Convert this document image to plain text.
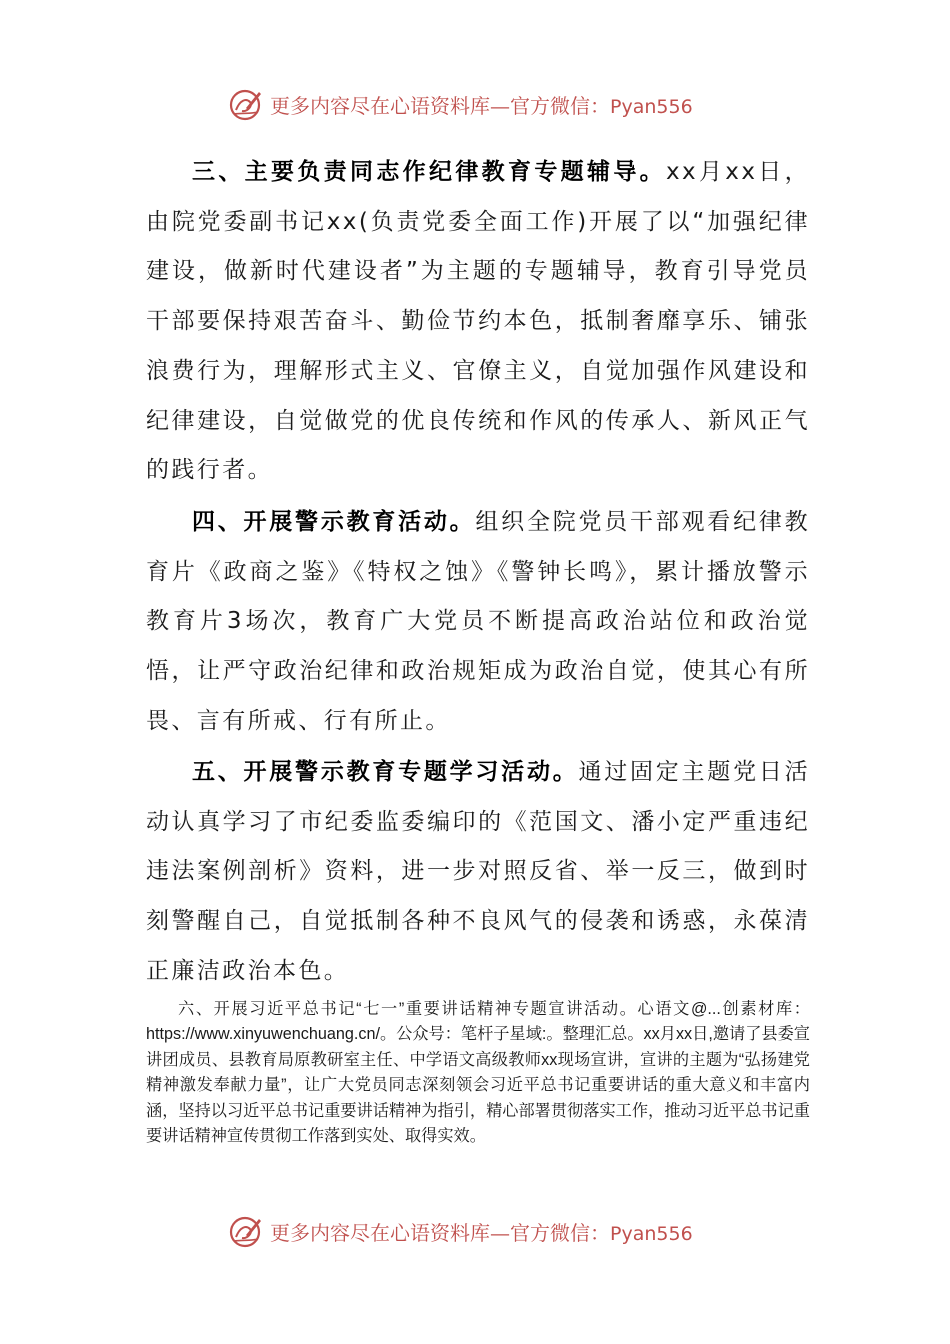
更多内容尽在心语资料库—官方微信：Pyan556

三、主要负责同志作纪律教育专题辅导。xx月xx日，由院党委副书记xx(负责党委全面工作)开展了以“加强纪律建设，做新时代建设者”为主题的专题辅导，教育引导党员干部要保持艰苦奋斗、勤俭节约本色，抵制奢靡享乐、铺张浪费行为，理解形式主义、官僚主义，自觉加强作风建设和纪律建设，自觉做党的优良传统和作风的传承人、新风正气的践行者。

四、开展警示教育活动。组织全院党员干部观看纪律教育片《政商之鉴》《特权之蚀》《警钟长鸣》，累计播放警示教育片3场次，教育广大党员不断提高政治站位和政治觉悟，让严守政治纪律和政治规矩成为政治自觉，使其心有所畏、言有所戒、行有所止。

五、开展警示教育专题学习活动。通过固定主题党日活动认真学习了市纪委监委编印的《范国文、潘小定严重违纪违法案例剖析》资料，进一步对照反省、举一反三，做到时刻警醒自己，自觉抵制各种不良风气的侵袭和诱惑，永葆清正廉洁政治本色。

六、开展习近平总书记“七一”重要讲话精神专题宣讲活动。心语文@...创素材库：https://www.xinyuwenchuang.cn/。公众号：笔杆子星域:。整理汇总。xx月xx日,邀请了县委宣讲团成员、县教育局原教研室主任、中学语文高级教师xx现场宣讲，宣讲的主题为“弘扬建党精神激发奉献力量”，让广大党员同志深刻领会习近平总书记重要讲话的重大意义和丰富内涵，坚持以习近平总书记重要讲话精神为指引，精心部署贯彻落实工作，推动习近平总书记重要讲话精神宣传贯彻工作落到实处、取得实效。

更多内容尽在心语资料库—官方微信：Pyan556
